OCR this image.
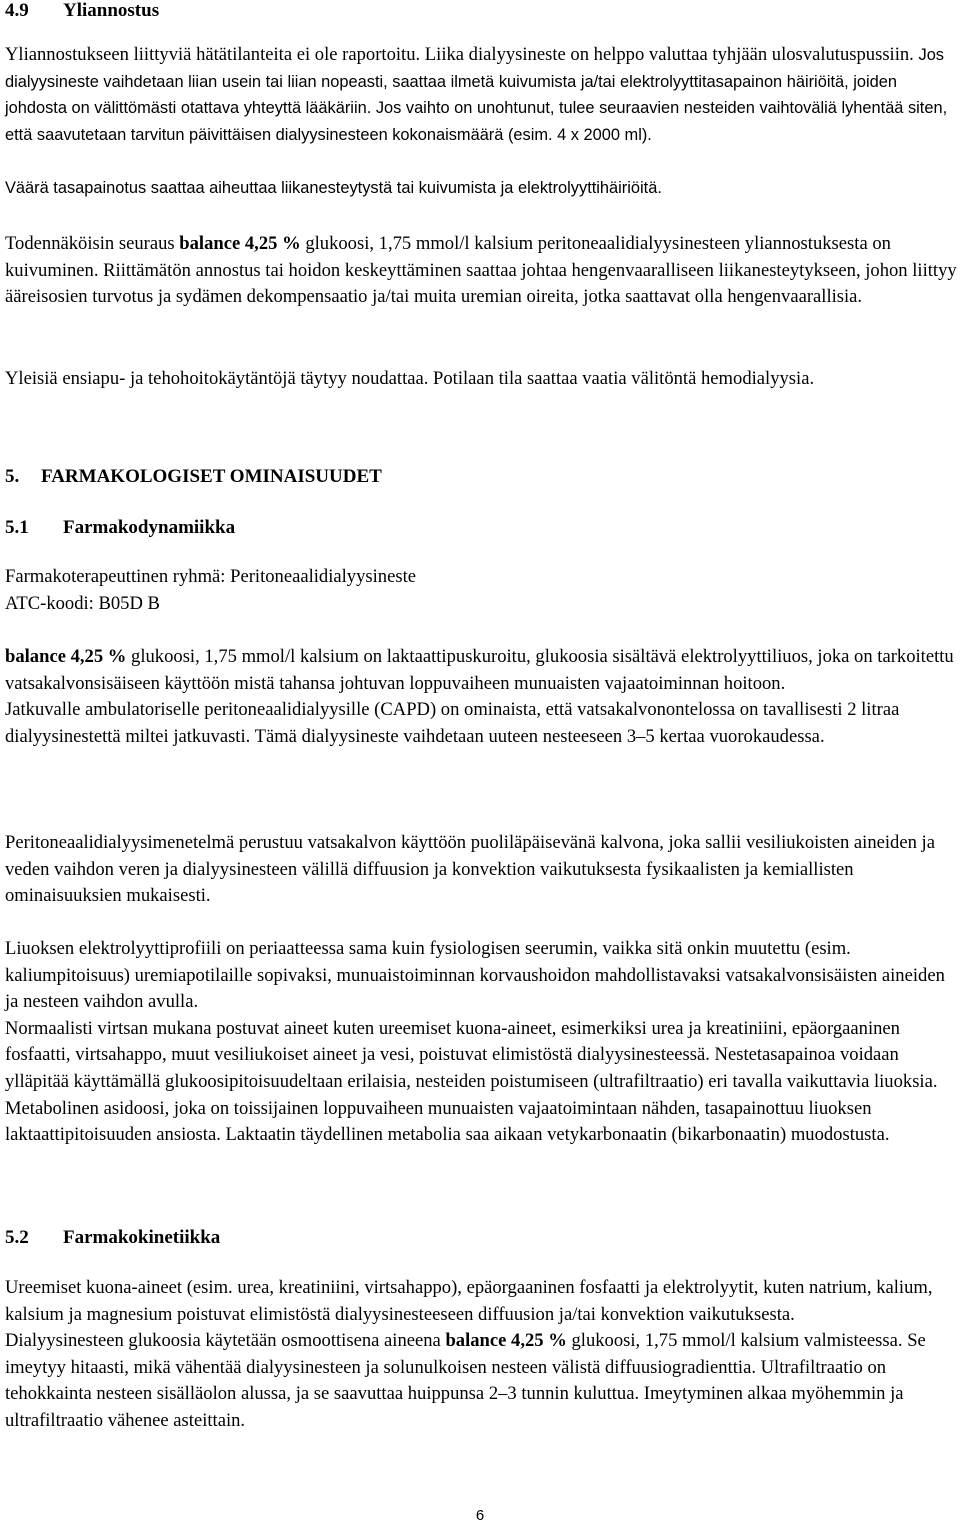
4.9 Yliannostus

Yliannostukseen liittyviä hätätilanteita ei ole raportoitu. Liika dialyysineste on helppo valuttaa tyhjään ulosvalutuspussiin. Jos dialyysineste vaihdetaan liian usein tai liian nopeasti, saattaa ilmetä kuivumista ja/tai elektrolyyttitasapainon häiriöitä, joiden johdosta on välittömästi otattava yhteyttä lääkäriin. Jos vaihto on unohtunut, tulee seuraavien nesteiden vaihtoväliä lyhentää siten, että saavutetaan tarvitun päivittäisen dialyysinesteen kokonaismäärä (esim. 4 x 2000 ml).

Väärä tasapainotus saattaa aiheuttaa liikanesteytystä tai kuivumista ja elektrolyyttihäiriöitä.

Todennäköisin seuraus balance 4,25 % glukoosi, 1,75 mmol/l kalsium peritoneaalidialyysinesteen yliannostuksesta on kuivuminen. Riittämätön annostus tai hoidon keskeyttäminen saattaa johtaa hengenvaaralliseen liikanesteytykseen, johon liittyy ääreisosien turvotus ja sydämen dekompensaatio ja/tai muita uremian oireita, jotka saattavat olla hengenvaarallisia.

Yleisiä ensiapu- ja tehohoitokäytäntöjä täytyy noudattaa. Potilaan tila saattaa vaatia välitöntä hemodialyysia.

5. FARMAKOLOGISET OMINAISUUDET
5.1 Farmakodynamiikka

Farmakoterapeuttinen ryhmä: Peritoneaalidialyysineste
ATC-koodi: B05D B

balance 4,25 % glukoosi, 1,75 mmol/l kalsium on laktaattipuskuroitu, glukoosia sisältävä elektrolyyttiliuos, joka on tarkoitettu vatsakalvonsisäiseen käyttöön mistä tahansa johtuvan loppuvaiheen munuaisten vajaatoiminnan hoitoon.
Jatkuvalle ambulatoriselle peritoneaalidialyysille (CAPD) on ominaista, että vatsakalvonontelossa on tavallisesti 2 litraa dialyysinestettä miltei jatkuvasti. Tämä dialyysineste vaihdetaan uuteen nesteeseen 3–5 kertaa vuorokaudessa.

Peritoneaalidialyysimenetelmä perustuu vatsakalvon käyttöön puoliläpäisevänä kalvona, joka sallii vesiliukoisten aineiden ja veden vaihdon veren ja dialyysinesteen välillä diffuusion ja konvektion vaikutuksesta fysikaalisten ja kemiallisten ominaisuuksien mukaisesti.

Liuoksen elektrolyyttiprofiili on periaatteessa sama kuin fysiologisen seerumin, vaikka sitä onkin muutettu (esim. kaliumpitoisuus) uremiapotilaille sopivaksi, munuaistoiminnan korvaushoidon mahdollistavaksi vatsakalvonsisäisten aineiden ja nesteen vaihdon avulla.
Normaalisti virtsan mukana postuvat aineet kuten ureemiset kuona-aineet, esimerkiksi urea ja kreatiniini, epäorgaaninen fosfaatti, virtsahappo, muut vesiliukoiset aineet ja vesi, poistuvat elimistöstä dialyysinesteessä. Nestetasapainoa voidaan ylläpitää käyttämällä glukoosipitoisuudeltaan erilaisia, nesteiden poistumiseen (ultrafiltraatio) eri tavalla vaikuttavia liuoksia.
Metabolinen asidoosi, joka on toissijainen loppuvaiheen munuaisten vajaatoimintaan nähden, tasapainottuu liuoksen laktaattipitoisuuden ansiosta. Laktaatin täydellinen metabolia saa aikaan vetykarbonaatin (bikarbonaatin) muodostusta.

5.2 Farmakokinetiikka

Ureemiset kuona-aineet (esim. urea, kreatiniini, virtsahappo), epäorgaaninen fosfaatti ja elektrolyytit, kuten natrium, kalium, kalsium ja magnesium poistuvat elimistöstä dialyysinesteeseen diffuusion ja/tai konvektion vaikutuksesta.
Dialyysinesteen glukoosia käytetään osmoottisena aineena balance 4,25 % glukoosi, 1,75 mmol/l kalsium valmisteessa. Se imeytyy hitaasti, mikä vähentää dialyysinesteen ja solunulkoisen nesteen välistä diffuusiogradienttia. Ultrafiltraatio on tehokkainta nesteen sisälläolon alussa, ja se saavuttaa huippunsa 2–3 tunnin kuluttua. Imeytyminen alkaa myöhemmin ja ultrafiltraatio vähenee asteittain.

6
